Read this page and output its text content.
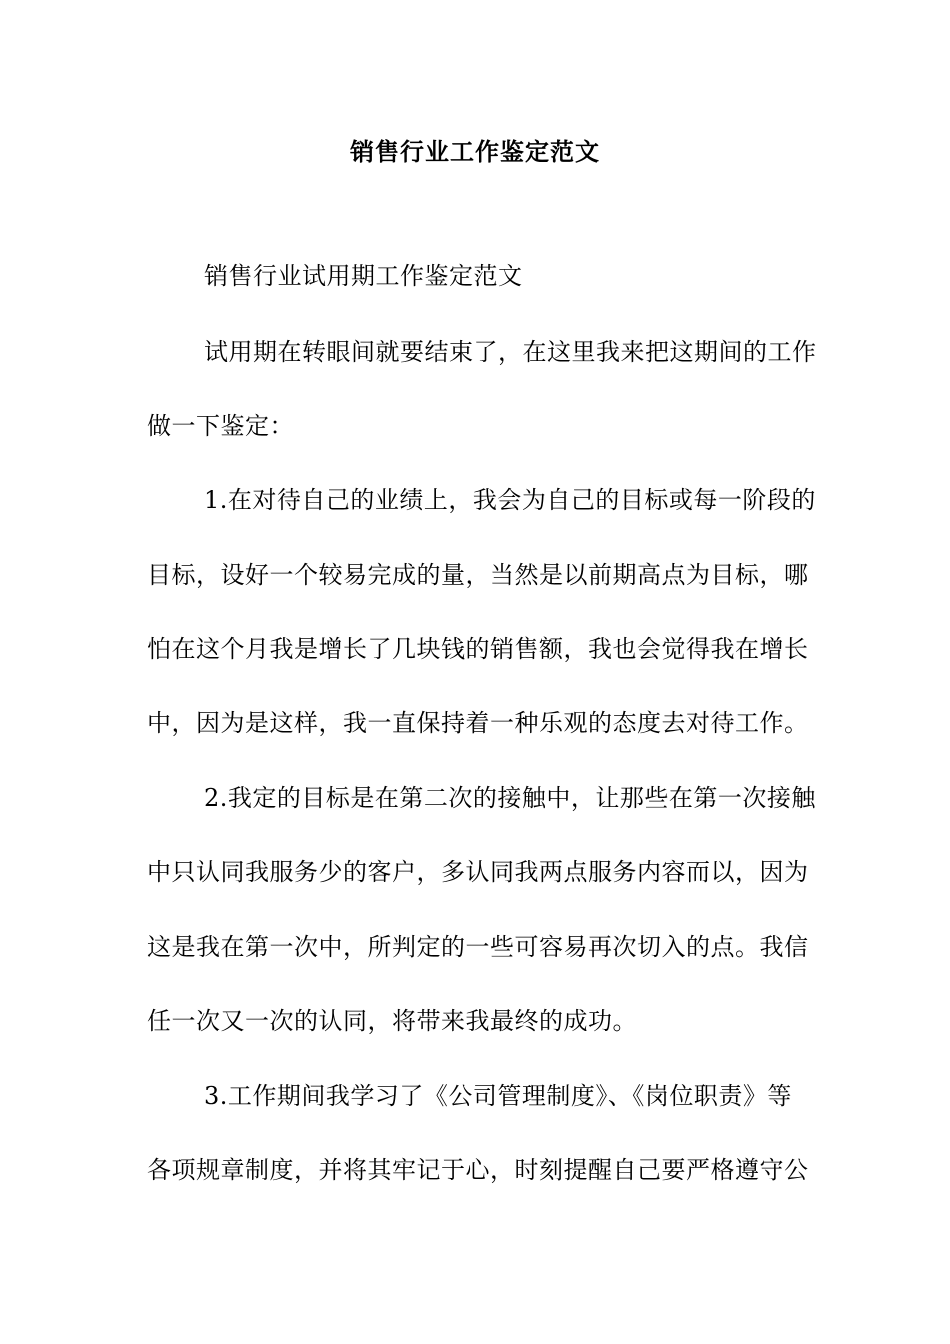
销售行业工作鉴定范文
销售行业试用期工作鉴定范文
试用期在转眼间就要结束了，在这里我来把这期间的工作
做一下鉴定：
1.在对待自己的业绩上，我会为自己的目标或每一阶段的
目标，设好一个较易完成的量，当然是以前期高点为目标，哪
怕在这个月我是增长了几块钱的销售额，我也会觉得我在增长
中，因为是这样，我一直保持着一种乐观的态度去对待工作。
2.我定的目标是在第二次的接触中，让那些在第一次接触
中只认同我服务少的客户，多认同我两点服务内容而以，因为
这是我在第一次中，所判定的一些可容易再次切入的点。我信
任一次又一次的认同，将带来我最终的成功。
3.工作期间我学习了《公司管理制度》、《岗位职责》等
各项规章制度，并将其牢记于心，时刻提醒自己要严格遵守公
